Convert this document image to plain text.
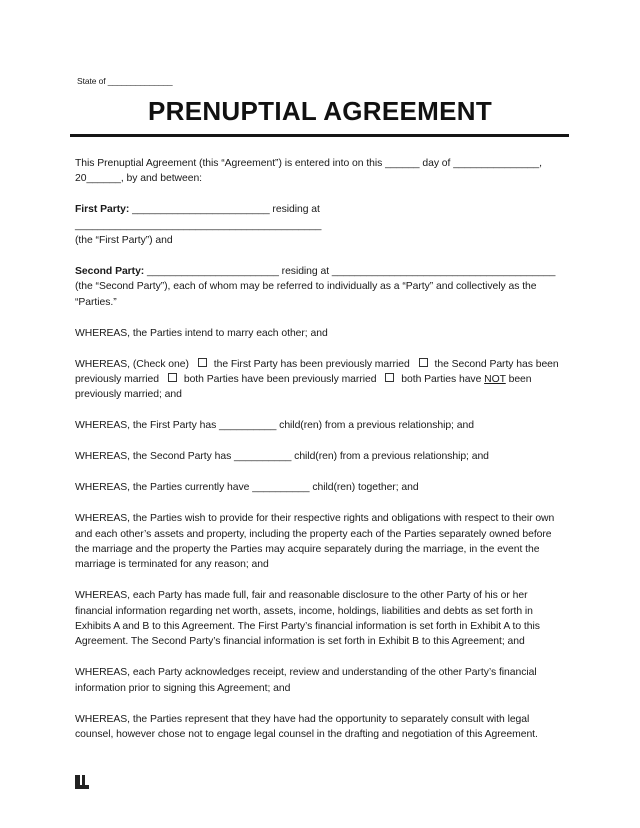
State of ______________
PRENUPTIAL AGREEMENT

This Prenuptial Agreement (this “Agreement”) is entered into on this ______ day of _______________,
20______, by and between:

First Party: ________________________ residing at ___________________________________________
(the “First Party”) and

Second Party: _______________________ residing at _______________________________________
(the “Second Party”), each of whom may be referred to individually as a “Party” and collectively as the “Parties.”

WHEREAS, the Parties intend to marry each other; and

WHEREAS, (Check one) the First Party has been previously married the Second Party has been previously married both Parties have been previously married both Parties have NOT been previously married; and

WHEREAS, the First Party has __________ child(ren) from a previous relationship; and

WHEREAS, the Second Party has __________ child(ren) from a previous relationship; and

WHEREAS, the Parties currently have __________ child(ren) together; and

WHEREAS, the Parties wish to provide for their respective rights and obligations with respect to their own and each other’s assets and property, including the property each of the Parties separately owned before the marriage and the property the Parties may acquire separately during the marriage, in the event the marriage is terminated for any reason; and

WHEREAS, each Party has made full, fair and reasonable disclosure to the other Party of his or her financial information regarding net worth, assets, income, holdings, liabilities and debts as set forth in Exhibits A and B to this Agreement. The First Party’s financial information is set forth in Exhibit A to this Agreement. The Second Party’s financial information is set forth in Exhibit B to this Agreement; and

WHEREAS, each Party acknowledges receipt, review and understanding of the other Party’s financial information prior to signing this Agreement; and

WHEREAS, the Parties represent that they have had the opportunity to separately consult with legal counsel, however chose not to engage legal counsel in the drafting and negotiation of this Agreement.
